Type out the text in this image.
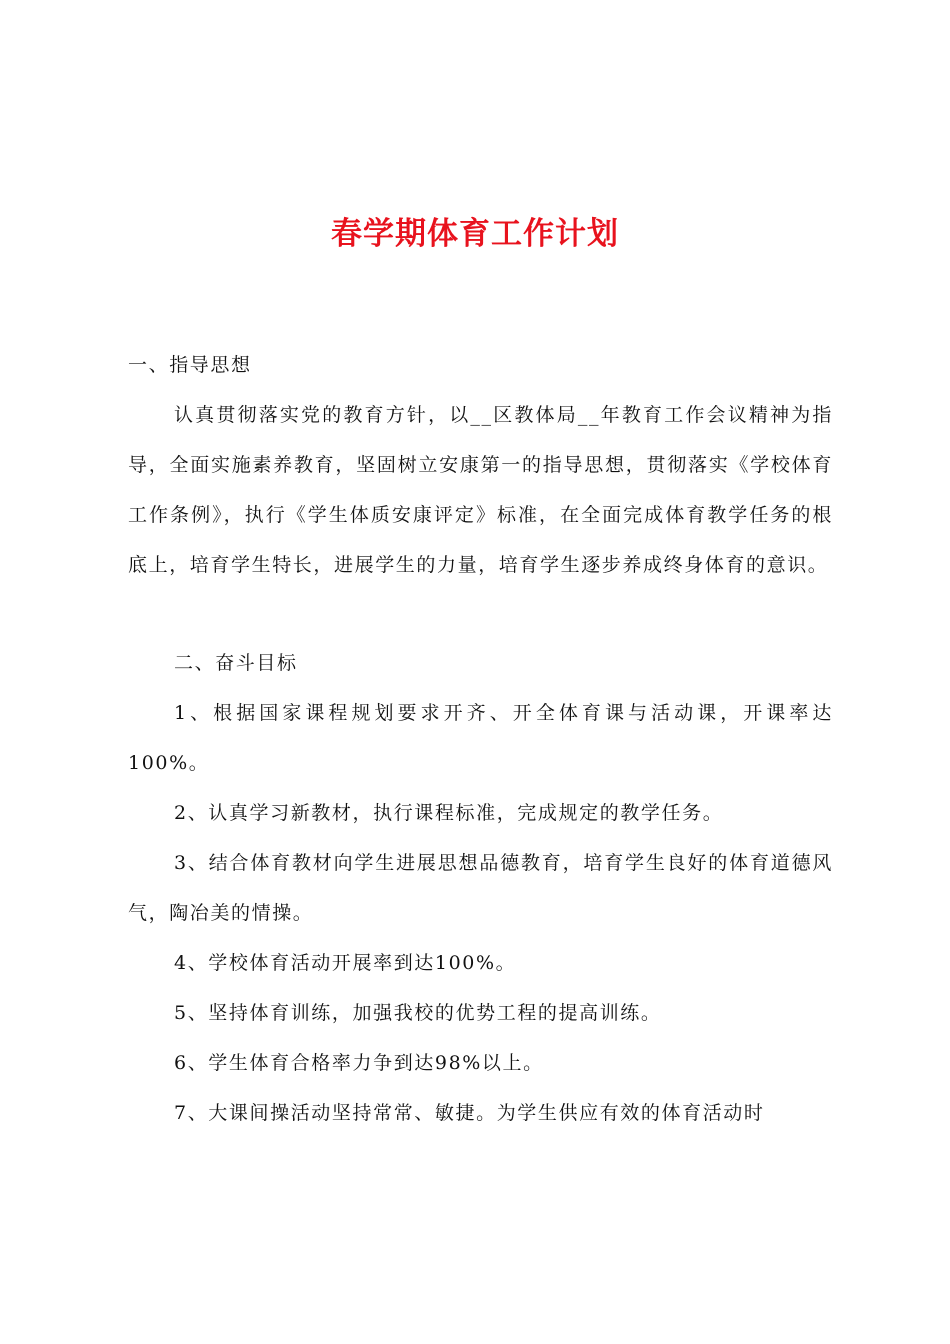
春学期体育工作计划
一、指导思想
认真贯彻落实党的教育方针，以__区教体局__年教育工作会议精神为指导，全面实施素养教育，坚固树立安康第一的指导思想，贯彻落实《学校体育工作条例》，执行《学生体质安康评定》标准，在全面完成体育教学任务的根底上，培育学生特长，进展学生的力量，培育学生逐步养成终身体育的意识。
二、奋斗目标
1、根据国家课程规划要求开齐、开全体育课与活动课，开课率达100%。
2、认真学习新教材，执行课程标准，完成规定的教学任务。
3、结合体育教材向学生进展思想品德教育，培育学生良好的体育道德风气，陶冶美的情操。
4、学校体育活动开展率到达100%。
5、坚持体育训练，加强我校的优势工程的提高训练。
6、学生体育合格率力争到达98%以上。
7、大课间操活动坚持常常、敏捷。为学生供应有效的体育活动时
